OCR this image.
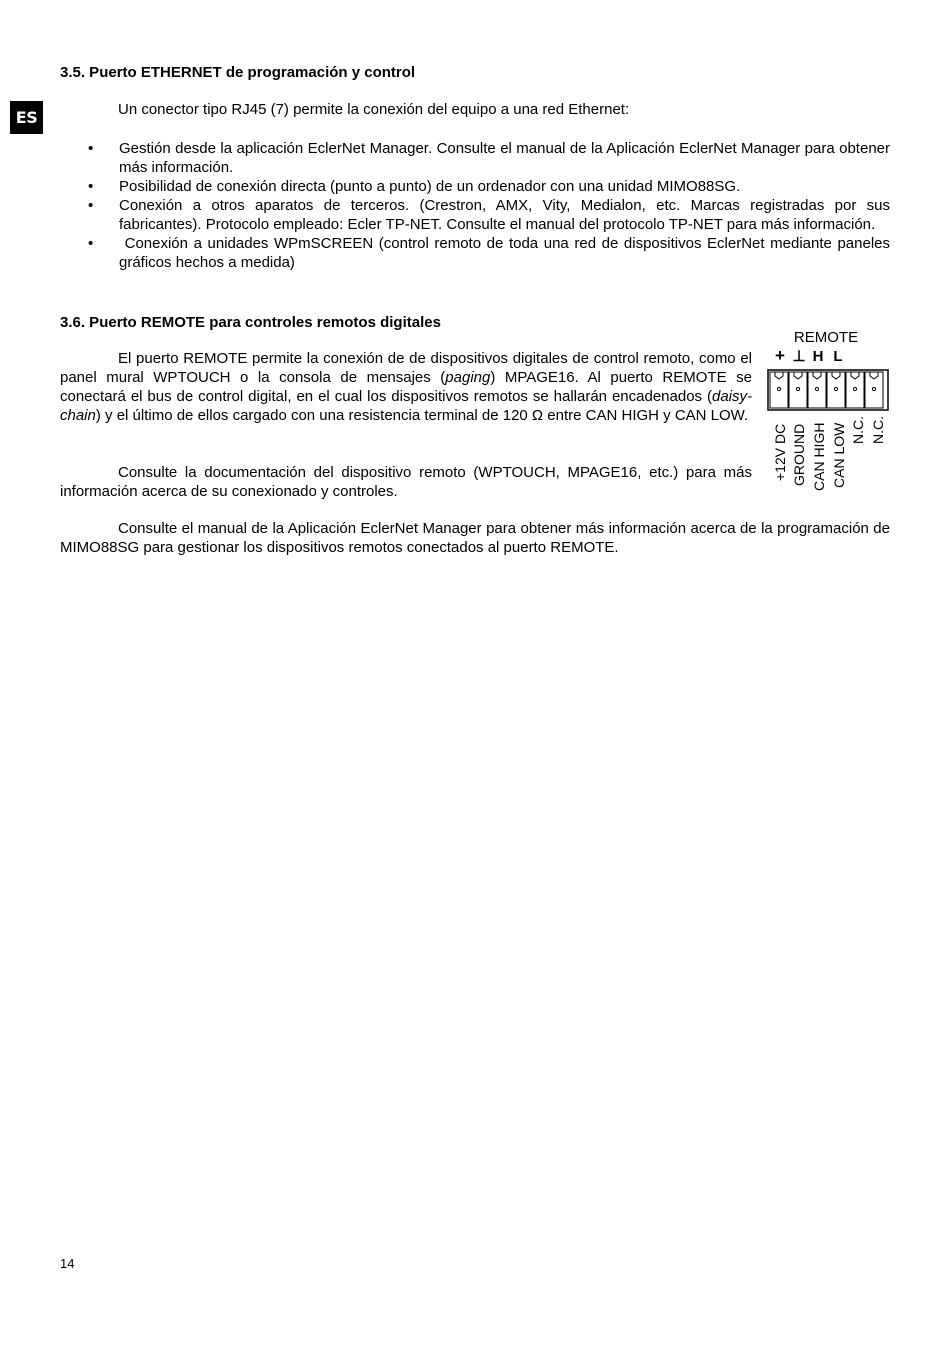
ES
3.5. Puerto ETHERNET de programación y control

Un conector tipo RJ45 (7) permite la conexión del equipo a una red Ethernet:

• Gestión desde la aplicación EclerNet Manager. Consulte el manual de la Aplicación EclerNet Manager para obtener más información.
• Posibilidad de conexión directa (punto a punto) de un ordenador con una unidad MIMO88SG.
• Conexión a otros aparatos de terceros. (Crestron, AMX, Vity, Medialon, etc. Marcas registradas por sus fabricantes). Protocolo empleado: Ecler TP-NET. Consulte el manual del protocolo TP-NET para más información.
• Conexión a unidades WPmSCREEN (control remoto de toda una red de dispositivos EclerNet mediante paneles gráficos hechos a medida)
3.6. Puerto REMOTE para controles remotos digitales

El puerto REMOTE permite la conexión de de dispositivos digitales de control remoto, como el panel mural WPTOUCH o la consola de mensajes (paging) MPAGE16. Al puerto REMOTE se conectará el bus de control digital, en el cual los dispositivos remotos se hallarán encadenados (daisy-chain) y el último de ellos cargado con una resistencia terminal de 120 Ω entre CAN HIGH y CAN LOW.

Consulte la documentación del dispositivo remoto (WPTOUCH, MPAGE16, etc.) para más información acerca de su conexionado y controles.

Consulte el manual de la Aplicación EclerNet Manager para obtener más información acerca de la programación de MIMO88SG para gestionar los dispositivos remotos conectados al puerto REMOTE.

REMOTE
+ ⊥ H L
+12V DC GROUND CAN HIGH CAN LOW N.C. N.C.
14
